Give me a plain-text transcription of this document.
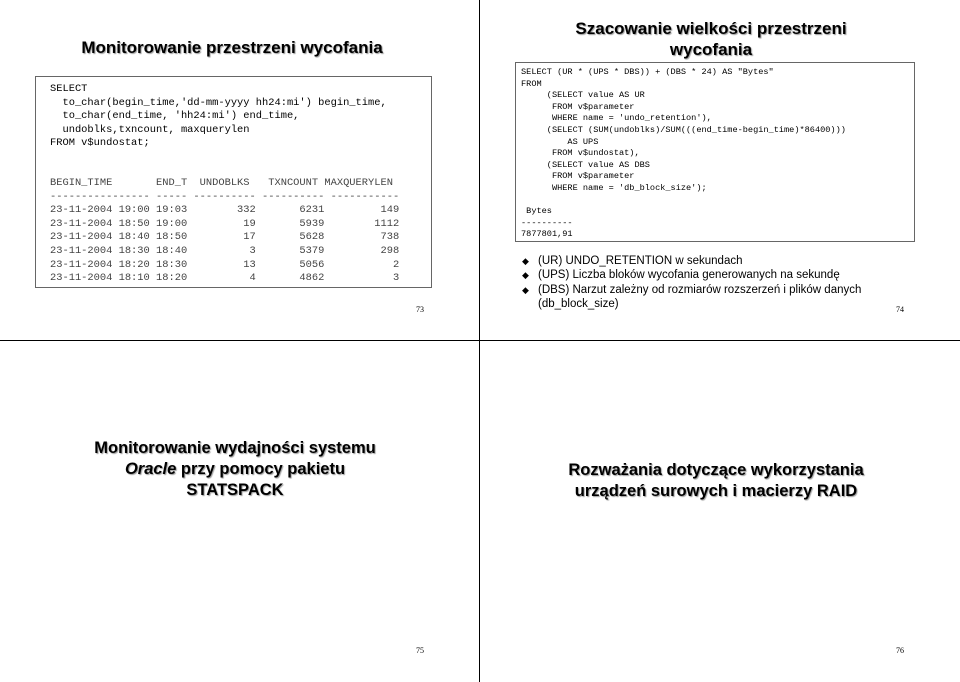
Monitorowanie przestrzeni wycofania
SELECT
to_char(begin_time,'dd-mm-yyyy hh24:mi') begin_time,
to_char(end_time, 'hh24:mi') end_time,
undoblks,txncount, maxquerylen
FROM v$undostat;
BEGIN_TIME       END_T  UNDOBLKS   TXNCOUNT MAXQUERYLEN
---------------- ----- ---------- ---------- -----------
23-11-2004 19:00 19:03        332       6231         149
23-11-2004 18:50 19:00         19       5939        1112
23-11-2004 18:40 18:50         17       5628         738
23-11-2004 18:30 18:40          3       5379         298
23-11-2004 18:20 18:30         13       5056           2
23-11-2004 18:10 18:20          4       4862           3
73
Szacowanie wielkości przestrzeni
wycofania
SELECT (UR * (UPS * DBS)) + (DBS * 24) AS "Bytes"
FROM
(SELECT value AS UR
FROM v$parameter
WHERE name = 'undo_retention'),
(SELECT (SUM(undoblks)/SUM(((end_time-begin_time)*86400)))
AS UPS
FROM v$undostat),
(SELECT value AS DBS
FROM v$parameter
WHERE name = 'db_block_size');

Bytes
----------
7877801,91
◆ (UR) UNDO_RETENTION w sekundach
◆ (UPS) Liczba bloków wycofania generowanych na sekundę
◆ (DBS) Narzut zależny od rozmiarów rozszerzeń i plików danych (db_block_size)	74
Monitorowanie wydajności systemu
Oracle przy pomocy pakietu
STATSPACK
75
Rozważania dotyczące wykorzystania
urządzeń surowych i macierzy RAID
76
